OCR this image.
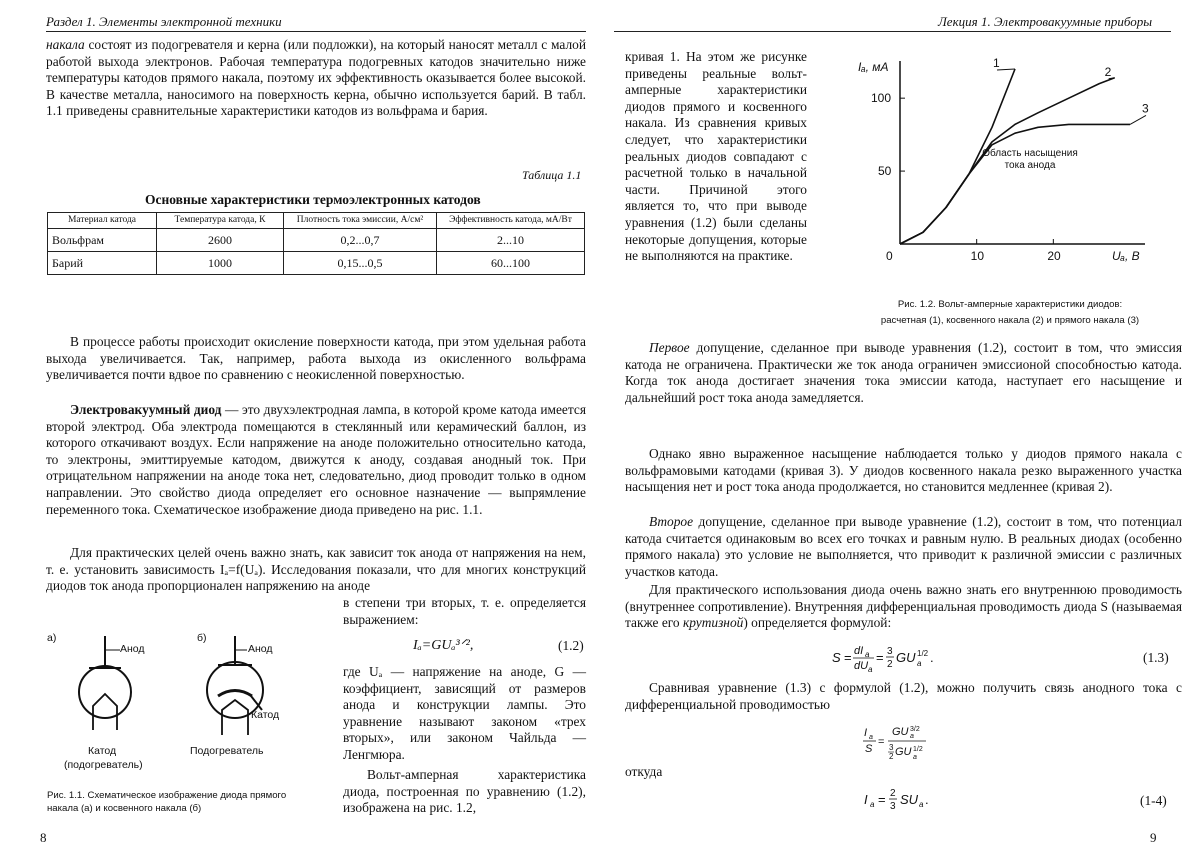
Раздел 1. Элементы электронной техники

накала состоят из подогревателя и керна (или подложки), на который наносят металл с малой работой выхода электронов. Рабочая температура подогревных катодов значительно ниже температуры катодов прямого накала, поэтому их эффективность оказывается более высокой. В качестве металла, наносимого на поверхность керна, обычно используется барий. В табл. 1.1 приведены сравнительные характеристики катодов из вольфрама и бария.

Таблица 1.1
Основные характеристики термоэлектронных катодов
Материал катода	Температура катода, К	Плотность тока эмиссии, А/см²	Эффективность катода, мА/Вт
Вольфрам	2600	0,2...0,7	2...10
Барий	1000	0,15...0,5	60...100

В процессе работы происходит окисление поверхности катода, при этом удельная работа выхода увеличивается. Так, например, работа выхода из окисленного вольфрама увеличивается почти вдвое по сравнению с неокисленной поверхностью.

Электровакуумный диод — это двухэлектродная лампа, в которой кроме катода имеется второй электрод. Оба электрода помещаются в стеклянный или керамический баллон, из которого откачивают воздух. Если напряжение на аноде положительно относительно катода, то электроны, эмиттируемые катодом, движутся к аноду, создавая анодный ток. При отрицательном напряжении на аноде тока нет, следовательно, диод проводит только в одном направлении. Это свойство диода определяет его основное назначение — выпрямление переменного тока. Схематическое изображение диода приведено на рис. 1.1.

Для практических целей очень важно знать, как зависит ток анода от напряжения на нем, т. е. установить зависимость Iₐ=f(Uₐ). Исследования показали, что для многих конструкций диодов ток анода пропорционален напряжению на аноде

в степени три вторых, т. е. определяется выражением:

Iₐ=GUₐ³ᐟ²,	(1.2)

где Uₐ — напряжение на аноде, G — коэффициент, зависящий от размеров анода и конструкции лампы. Это уравнение называют законом «трех вторых», или законом Чайльда — Ленгмюра.

Вольт-амперная характеристика диода, построенная по уравнению (1.2), изображена на рис. 1.2,

а)	б)
Анод	Анод
Катод
Катод
(подогреватель)
Подогреватель
Рис. 1.1. Схематическое изображение диода прямого накала (а) и косвенного накала (б)
8
Лекция 1. Электровакуумные приборы

кривая 1. На этом же рисунке приведены реальные вольт-амперные характеристики диодов прямого и косвенного накала. Из сравнения кривых следует, что характеристики реальных диодов совпадают с расчетной только в начальной части. Причиной этого является то, что при выводе уравнения (1.2) были сделаны некоторые допущения, которые не выполняются на практике.	0	10	20
50
100
Iₐ, мА
Uₐ, В
1
2
3
Область насыщения
тока анода
Рис. 1.2. Вольт-амперные характеристики диодов:
расчетная (1), косвенного накала (2) и прямого накала (3)

Первое допущение, сделанное при выводе уравнения (1.2), состоит в том, что эмиссия катода не ограничена. Практически же ток анода ограничен эмиссионой способностью катода. Когда ток анода достигает значения тока эмиссии катода, наступает его насыщение и дальнейший рост тока анода замедляется.

Однако явно выраженное насыщение наблюдается только у диодов прямого накала с вольфрамовыми катодами (кривая 3). У диодов косвенного накала резко выраженного участка насыщения нет и рост тока анода продолжается, но становится медленнее (кривая 2).

Второе допущение, сделанное при выводе уравнение (1.2), состоит в том, что потенциал катода считается одинаковым во всех его точках и равным нулю. В реальных диодах (особенно прямого накала) это условие не выполняется, что приводит к различной эмиссии с различных участков катода.

Для практического использования диода очень важно знать его внутреннюю проводимость (внутреннее сопротивление). Внутренняя дифференциальная проводимость диода S (называемая также его крутизной) определяется формулой:

S = dI a
dU a
= 3
2 GU 1/2
a .	(1.3)

Сравнивая уравнение (1.3) с формулой (1.2), можно получить связь анодного тока с дифференциальной проводимостью

I a
S
=
GU 3/2
a
3
2 GU 1/2
a
откуда
I a = 2
3 SU a .	(1-4)
9
